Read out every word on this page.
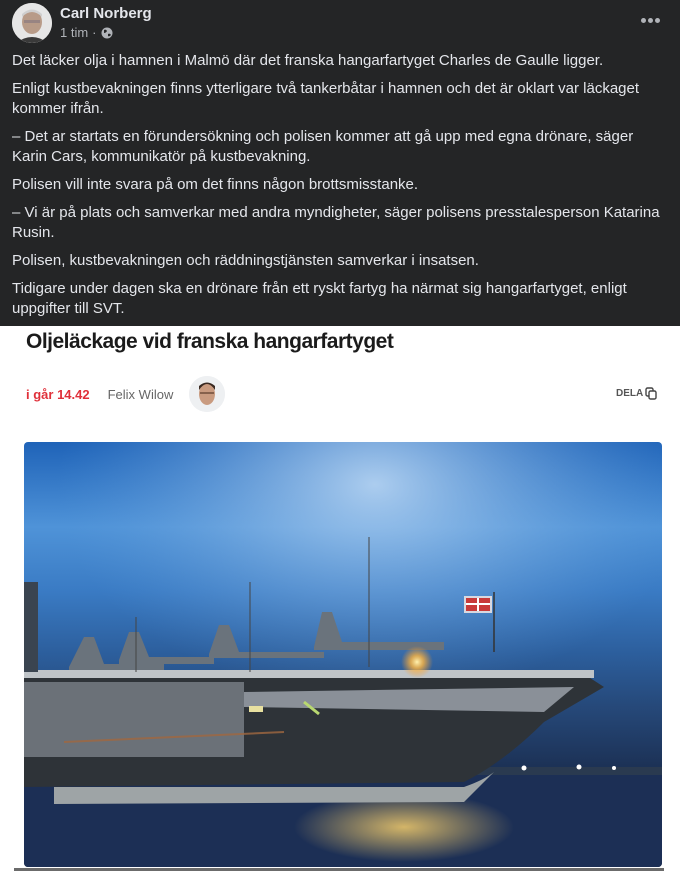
Carl Norberg
1 tim ·

Det läcker olja i hamnen i Malmö där det franska hangarfartyget Charles de Gaulle ligger.

Enligt kustbevakningen finns ytterligare två tankerbåtar i hamnen och det är oklart var läckaget kommer ifrån.

– Det ar startats en förundersökning och polisen kommer att gå upp med egna drönare, säger Karin Cars, kommunikatör på kustbevakning.

Polisen vill inte svara på om det finns någon brottsmisstanke.

– Vi är på plats och samverkar med andra myndigheter, säger polisens presstalesperson Katarina Rusin.

Polisen, kustbevakningen och räddningstjänsten samverkar i insatsen.

Tidigare under dagen ska en drönare från ett ryskt fartyg ha närmat sig hangarfartyget, enligt uppgifter till SVT.

Oljeläckage vid franska hangarfartyget
i går 14.42 Felix Wilow	DELA
